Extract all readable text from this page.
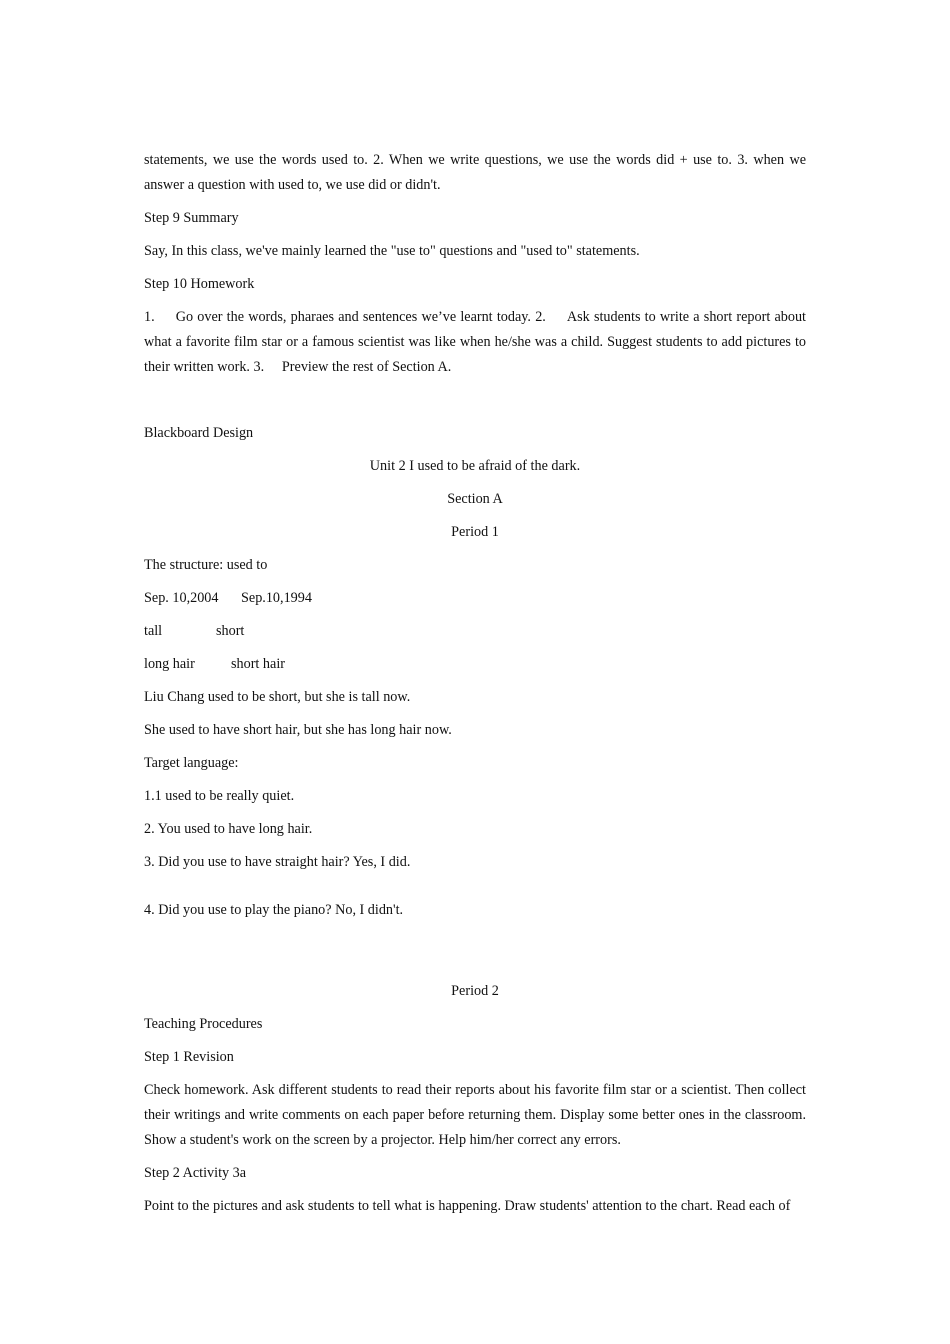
statements, we use the words used to. 2. When we write questions, we use the words did + use to. 3. when we answer a question with used to, we use did or didn't.

Step 9 Summary

Say, In this class, we've mainly learned the "use to" questions and "used to" statements.

Step 10 Homework

1.     Go over the words, pharaes and sentences we’ve learnt today. 2.     Ask students to write a short report about what a favorite film star or a famous scientist was like when he/she was a child. Suggest students to add pictures to their written work. 3.     Preview the rest of Section A.

Blackboard Design

Unit 2 I used to be afraid of the dark.

Section A

Period 1

The structure: used to

Sep. 10,2004 Sep.10,1994

tall	short

long hair	short hair

Liu Chang used to be short, but she is tall now.

She used to have short hair, but she has long hair now.

Target language:

1.1 used to be really quiet.

2. You used to have long hair.

3. Did you use to have straight hair? Yes, I did.

4. Did you use to play the piano? No, I didn't.

Period 2

Teaching Procedures

Step 1 Revision

Check homework. Ask different students to read their reports about his favorite film star or a scientist. Then collect their writings and write comments on each paper before returning them. Display some better ones in the classroom. Show a student's work on the screen by a projector. Help him/her correct any errors.

Step 2 Activity 3a

Point to the pictures and ask students to tell what is happening. Draw students' attention to the chart. Read each of
